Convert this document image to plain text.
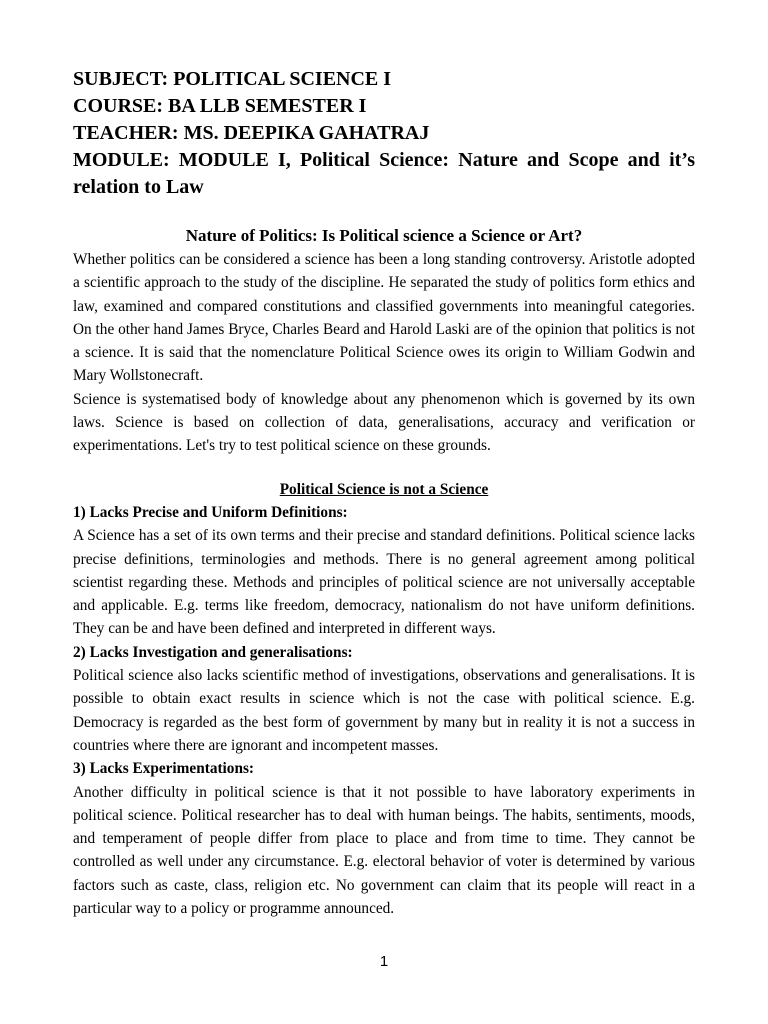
SUBJECT: POLITICAL SCIENCE I

COURSE: BA LLB SEMESTER I

TEACHER: MS. DEEPIKA GAHATRAJ

MODULE: MODULE I, Political Science: Nature and Scope and it’s relation to Law

Nature of Politics: Is Political science a Science or Art?

Whether politics can be considered a science has been a long standing controversy. Aristotle adopted a scientific approach to the study of the discipline. He separated the study of politics form ethics and law, examined and compared constitutions and classified governments into meaningful categories. On the other hand James Bryce, Charles Beard and Harold Laski are of the opinion that politics is not a science. It is said that the nomenclature Political Science owes its origin to William Godwin and Mary Wollstonecraft.

Science is systematised body of knowledge about any phenomenon which is governed by its own laws. Science is based on collection of data, generalisations, accuracy and verification or experimentations. Let's try to test political science on these grounds.

Political Science is not a Science

1) Lacks Precise and Uniform Definitions:

A Science has a set of its own terms and their precise and standard definitions. Political science lacks precise definitions, terminologies and methods. There is no general agreement among political scientist regarding these. Methods and principles of political science are not universally acceptable and applicable. E.g. terms like freedom, democracy, nationalism do not have uniform definitions. They can be and have been defined and interpreted in different ways.

2) Lacks Investigation and generalisations:

Political science also lacks scientific method of investigations, observations and generalisations. It is possible to obtain exact results in science which is not the case with political science. E.g. Democracy is regarded as the best form of government by many but in reality it is not a success in countries where there are ignorant and incompetent masses.

3) Lacks Experimentations:

Another difficulty in political science is that it not possible to have laboratory experiments in political science. Political researcher has to deal with human beings. The habits, sentiments, moods, and temperament of people differ from place to place and from time to time. They cannot be controlled as well under any circumstance. E.g. electoral behavior of voter is determined by various factors such as caste, class, religion etc. No government can claim that its people will react in a particular way to a policy or programme announced.

1
